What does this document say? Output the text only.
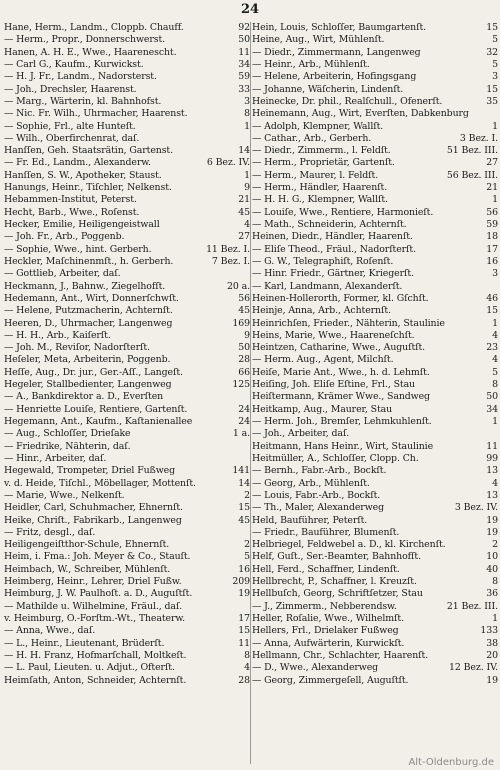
24
Hane, Herm., Landm., Cloppb. Chauff.	92
— Herm., Propr., Donnerschwerst.	50
Hanen, A. H. E., Wwe., Haarenescht.	11
— Carl G., Kaufm., Kurwickst.	34
— H. J. Fr., Landm., Nadorsterst.	59
— Joh., Drechsler, Haarenst.	33
— Marg., Wärterin, kl. Bahnhofst.	3
— Nic. Fr. Wilh., Uhrmacher, Haarenst.	8
— Sophie, Frl., alte Hunteſt.	1
— Wilh., Oberfirchenrat, daſ.
Hanſſen, Geh. Staatsrätin, Gartenst.	14
— Fr. Ed., Landm., Alexanderw.	6 Bez. IV.
Hanſſen, S. W., Apotheker, Staust.	1
Hanungs, Heinr., Tiſchler, Nelkenst.	9
Hebammen-Institut, Peterst.	21
Hecht, Barb., Wwe., Roſenst.	45
Hecker, Emilie, Heiligengeistwall	4
— Joh. Fr., Arb., Poggenb.	27
— Sophie, Wwe., hint. Gerberh.	11 Bez. I.
Heckler, Maſchinenmſt., h. Gerberh.	7 Bez. I.
— Gottlieb, Arbeiter, daſ.
Heckmann, J., Bahnw., Ziegelhofſt.	20 a.
Hedemann, Ant., Wirt, Donnerſchwſt.	56
— Helene, Putzmacherin, Achternſt.	45
Heeren, D., Uhrmacher, Langenweg	169
— H. H., Arb., Kaiſerſt.	9
— Joh. M., Reviſor, Nadorſterſt.	50
Heſeler, Meta, Arbeiterin, Poggenb.	28
Heſſe, Aug., Dr. jur., Ger.-Aſſ., Langeſt.	66
Hegeler, Stallbedienter, Langenweg	125
— A., Bankdirektor a. D., Everſten
— Henriette Louiſe, Rentiere, Gartenſt.	24
Hegemann, Ant., Kaufm., Kaſtanienallee	24
— Aug., Schloſſer, Drieſake	1 a.
— Friedrike, Nähterin, daſ.
— Hinr., Arbeiter, daſ.
Hegewald, Trompeter, Driel Fußweg	141
v. d. Heide, Tiſchl., Möbellager, Mottenſt.	14
— Marie, Wwe., Nelkenſt.	2
Heidler, Carl, Schuhmacher, Ehnernſt.	15
Heike, Chriſt., Fabrikarb., Langenweg	45
— Fritz, desgl., daſ.
Heiligengeiſtthor-Schule, Ehnernſt.	2
Heim, i. Fma.: Joh. Meyer & Co., Stauſt.	5
Heimbach, W., Schreiber, Mühlenſt.	16
Heimberg, Heinr., Lehrer, Driel Fußw.	209
Heimburg, J. W. Paulhoſt. a. D., Auguſtſt.	19
— Mathilde u. Wilhelmine, Fräul., daſ.
v. Heimburg, O.-Forſtm.-Wt., Theaterw.	17
— Anna, Wwe., daſ.	15
— L., Heinr., Lieutenant, Brüderſt.	11
— H. H. Franz, Hofmarſchall, Moltkeſt.	8
— L. Paul, Lieuten. u. Adjut., Ofterſt.	4
Heimſath, Anton, Schneider, Achternſt.	28
Hein, Louis, Schloſſer, Baumgartenſt.	15
Heine, Aug., Wirt, Mühlenſt.	5
— Diedr., Zimmermann, Langenweg	32
— Heinr., Arb., Mühlenſt.	5
— Helene, Arbeiterin, Hofingsgang	3
— Johanne, Wäſcherin, Lindenſt.	15
Heinecke, Dr. phil., Realſchull., Ofenerſt.	35
Heinemann, Aug., Wirt, Everſten, Dabkenburg
— Adolph, Klempner, Wallſt.	1
— Cathar., Arb., Gerberh.	3 Bez. I.
— Diedr., Zimmerm., l. Feldſt.	51 Bez. III.
— Herm., Proprietär, Gartenſt.	27
— Herm., Maurer, l. Feldſt.	56 Bez. III.
— Herm., Händler, Haarenſt.	21
— H. H. G., Klempner, Wallſt.	1
— Louiſe, Wwe., Rentiere, Harmonieſt.	56
— Math., Schneiderin, Achternſt.	59
Heinen, Diedr., Händler, Haarenſt.	18
— Eliſe Theod., Fräul., Nadorſterſt.	17
— G. W., Telegraphiſt, Roſenſt.	16
— Hinr. Friedr., Gärtner, Kriegerſt.	3
— Karl, Landmann, Alexanderſt.
Heinen-Hollerorth, Former, kl. Gſchſt.	46
Heinje, Anna, Arb., Achternſt.	15
Heinrichſen, Frieder., Nähterin, Staulinie	1
Heins, Marie, Wwe., Haareneſchſt.	4
Heintzen, Catharine, Wwe., Auguſtſt.	23
— Herm. Aug., Agent, Milchſt.	4
Heiſe, Marie Ant., Wwe., h. d. Lehmſt.	5
Heiſing, Joh. Eliſe Eſtine, Frl., Stau	8
Heiſtermann, Krämer Wwe., Sandweg	50
Heitkamp, Aug., Maurer, Stau	34
— Herm. Joh., Bremſer, Lehmkuhlenſt.	1
— Joh., Arbeiter, daſ.
Heitmann, Hans Heinr., Wirt, Staulinie	11
Heitmüller, A., Schloſſer, Clopp. Ch.	99
— Bernh., Fabr.-Arb., Bockſt.	13
— Georg, Arb., Mühlenſt.	4
— Louis, Fabr.-Arb., Bockſt.	13
— Th., Maler, Alexanderweg	3 Bez. IV.
Held, Bauführer, Peterſt.	19
— Friedr., Bauführer, Blumenſt.	19
Helbriegel, Feldwebel a. D., kl. Kirchenſt.	2
Helf, Guſt., Ser.-Beamter, Bahnhofſt.	10
Hell, Ferd., Schaffner, Lindenſt.	40
Hellbrecht, P., Schaffner, l. Kreuzſt.	8
Hellbuſch, Georg, Schriftſetzer, Stau	36
— J., Zimmerm., Nebberendsw.	21 Bez. III.
Heller, Roſalie, Wwe., Wilhelmſt.	1
Hellers, Frl., Drielaker Fußweg	133
— Anna, Aufwärterin, Kurwickſt.	38
Hellmann, Chr., Schlachter, Haarenſt.	20
— D., Wwe., Alexanderweg	12 Bez. IV.
— Georg, Zimmergeſell, Auguſtſt.	19
Alt-Oldenburg.de
